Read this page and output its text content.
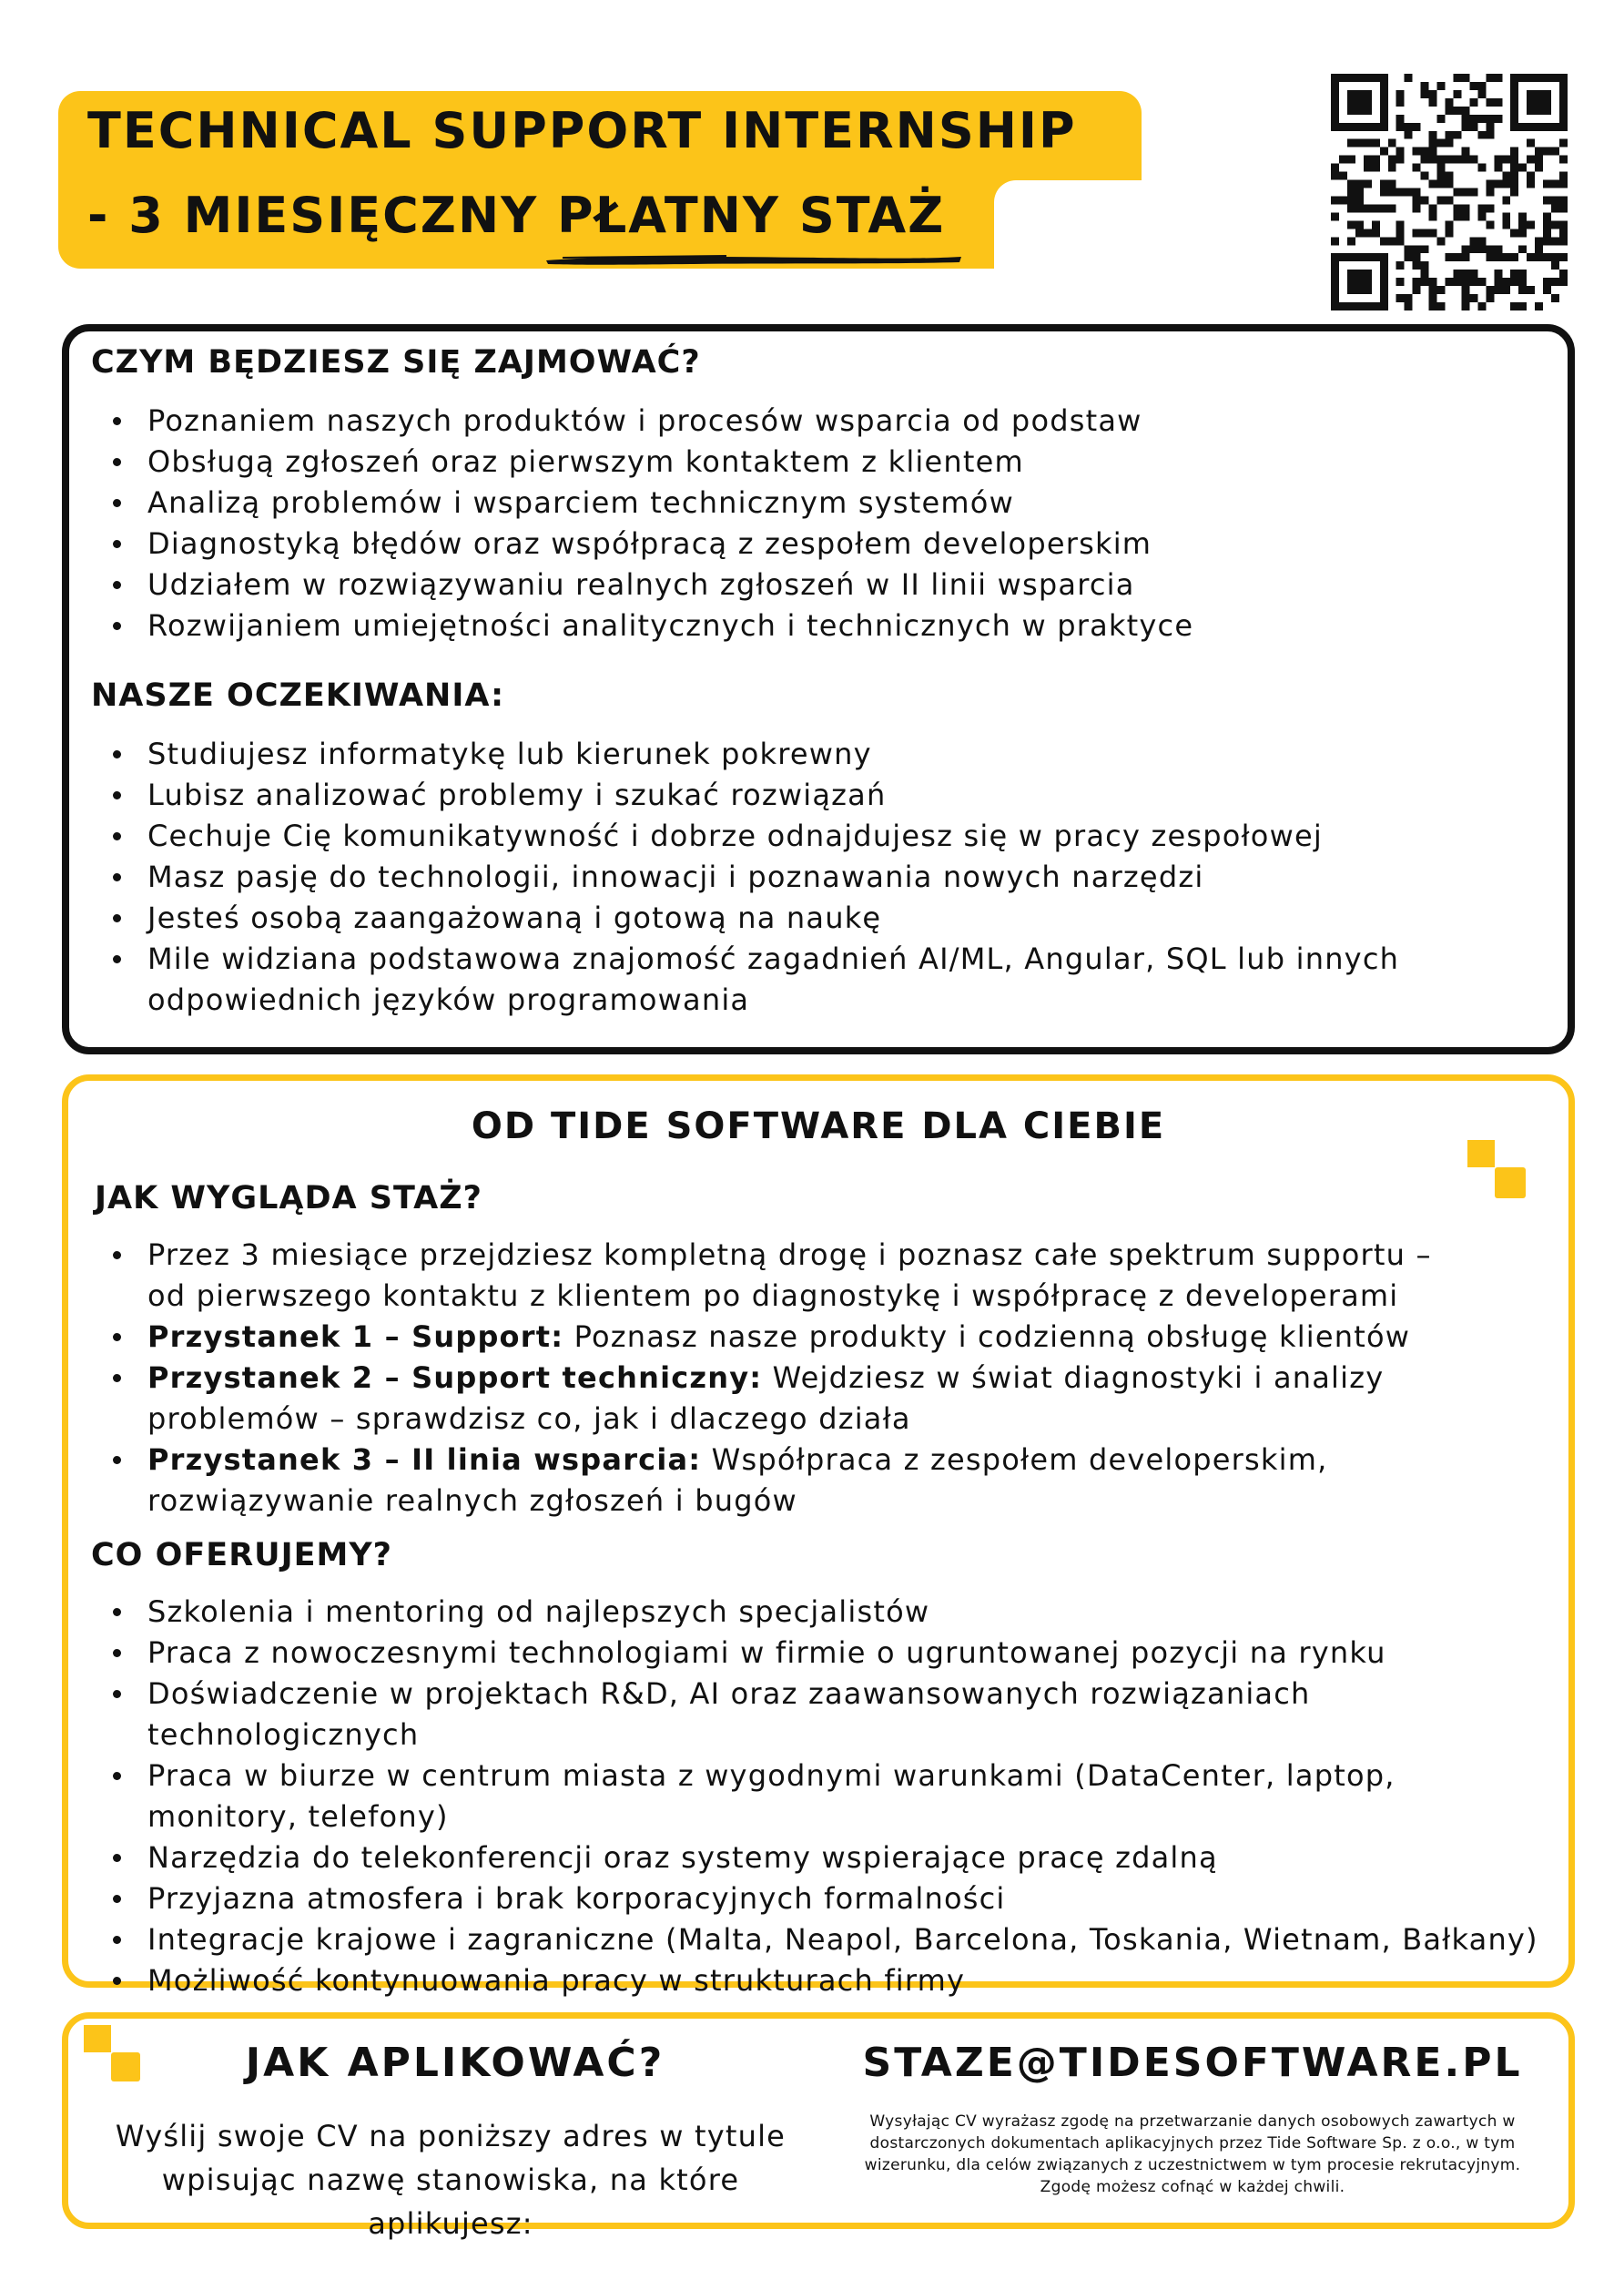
TECHNICAL SUPPORT INTERNSHIP
- 3 MIESIĘCZNY PŁATNY STAŻ
CZYM BĘDZIESZ SIĘ ZAJMOWAĆ?
Poznaniem naszych produktów i procesów wsparcia od podstaw
Obsługą zgłoszeń oraz pierwszym kontaktem z klientem
Analizą problemów i wsparciem technicznym systemów
Diagnostyką błędów oraz współpracą z zespołem developerskim
Udziałem w rozwiązywaniu realnych zgłoszeń w II linii wsparcia
Rozwijaniem umiejętności analitycznych i technicznych w praktyce
NASZE OCZEKIWANIA:
Studiujesz informatykę lub kierunek pokrewny
Lubisz analizować problemy i szukać rozwiązań
Cechuje Cię komunikatywność i dobrze odnajdujesz się w pracy zespołowej
Masz pasję do technologii, innowacji i poznawania nowych narzędzi
Jesteś osobą zaangażowaną i gotową na naukę
Mile widziana podstawowa znajomość zagadnień AI/ML, Angular, SQL lub innych odpowiednich języków programowania
OD TIDE SOFTWARE DLA CIEBIE
JAK WYGLĄDA STAŻ?
Przez 3 miesiące przejdziesz kompletną drogę i poznasz całe spektrum supportu – od pierwszego kontaktu z klientem po diagnostykę i współpracę z developerami
Przystanek 1 – Support: Poznasz nasze produkty i codzienną obsługę klientów
Przystanek 2 – Support techniczny: Wejdziesz w świat diagnostyki i analizy problemów – sprawdzisz co, jak i dlaczego działa
Przystanek 3 – II linia wsparcia: Współpraca z zespołem developerskim, rozwiązywanie realnych zgłoszeń i bugów
CO OFERUJEMY?
Szkolenia i mentoring od najlepszych specjalistów
Praca z nowoczesnymi technologiami w firmie o ugruntowanej pozycji na rynku
Doświadczenie w projektach R&D, AI oraz zaawansowanych rozwiązaniach technologicznych
Praca w biurze w centrum miasta z wygodnymi warunkami (DataCenter, laptop, monitory, telefony)
Narzędzia do telekonferencji oraz systemy wspierające pracę zdalną
Przyjazna atmosfera i brak korporacyjnych formalności
Integracje krajowe i zagraniczne (Malta, Neapol, Barcelona, Toskania, Wietnam, Bałkany)
Możliwość kontynuowania pracy w strukturach firmy
JAK APLIKOWAĆ?
Wyślij swoje CV na poniższy adres w tytule wpisując nazwę stanowiska, na które aplikujesz:
STAZE@TIDESOFTWARE.PL
Wysyłając CV wyrażasz zgodę na przetwarzanie danych osobowych zawartych w dostarczonych dokumentach aplikacyjnych przez Tide Software Sp. z o.o., w tym wizerunku, dla celów związanych z uczestnictwem w tym procesie rekrutacyjnym. Zgodę możesz cofnąć w każdej chwili.
